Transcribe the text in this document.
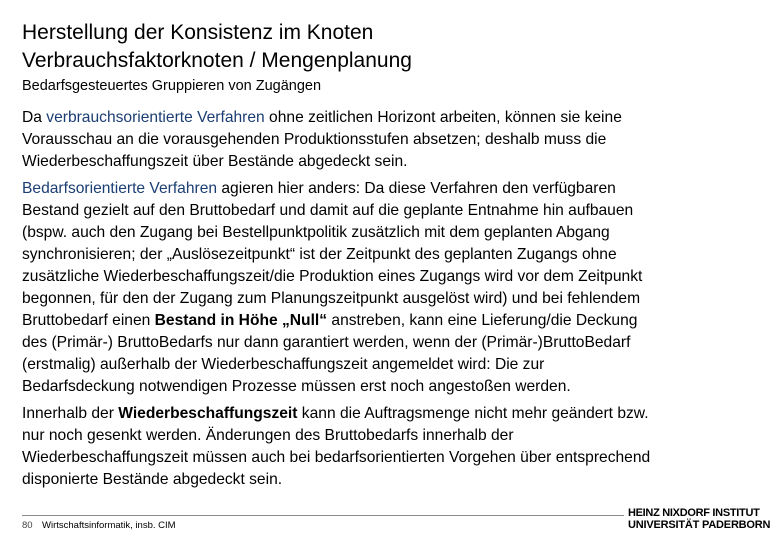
Herstellung der Konsistenz im Knoten
Verbrauchsfaktorknoten / Mengenplanung
Bedarfsgesteuertes Gruppieren von Zugängen
Da verbrauchsorientierte Verfahren ohne zeitlichen Horizont arbeiten, können sie keine
Vorausschau an die vorausgehenden Produktionsstufen absetzen; deshalb muss die
Wiederbeschaffungszeit über Bestände abgedeckt sein.
Bedarfsorientierte Verfahren agieren hier anders: Da diese Verfahren den verfügbaren
Bestand gezielt auf den Bruttobedarf und damit auf die geplante Entnahme hin aufbauen
(bspw. auch den Zugang bei Bestellpunktpolitik zusätzlich mit dem geplanten Abgang
synchronisieren; der „Auslösezeitpunkt“ ist der Zeitpunkt des geplanten Zugangs ohne
zusätzliche Wiederbeschaffungszeit/die Produktion eines Zugangs wird vor dem Zeitpunkt
begonnen, für den der Zugang zum Planungszeitpunkt ausgelöst wird) und bei fehlendem
Bruttobedarf einen Bestand in Höhe „Null“ anstreben, kann eine Lieferung/die Deckung
des (Primär-) BruttoBedarfs nur dann garantiert werden, wenn der (Primär-)BruttoBedarf
(erstmalig) außerhalb der Wiederbeschaffungszeit angemeldet wird: Die zur
Bedarfsdeckung notwendigen Prozesse müssen erst noch angestoßen werden.
Innerhalb der Wiederbeschaffungszeit kann die Auftragsmenge nicht mehr geändert bzw.
nur noch gesenkt werden. Änderungen des Bruttobedarfs innerhalb der
Wiederbeschaffungszeit müssen auch bei bedarfsorientierten Vorgehen über entsprechend
disponierte Bestände abgedeckt sein.
80 Wirtschaftsinformatik, insb. CIM
HEINZ NIXDORF INSTITUT
UNIVERSITÄT PADERBORN
